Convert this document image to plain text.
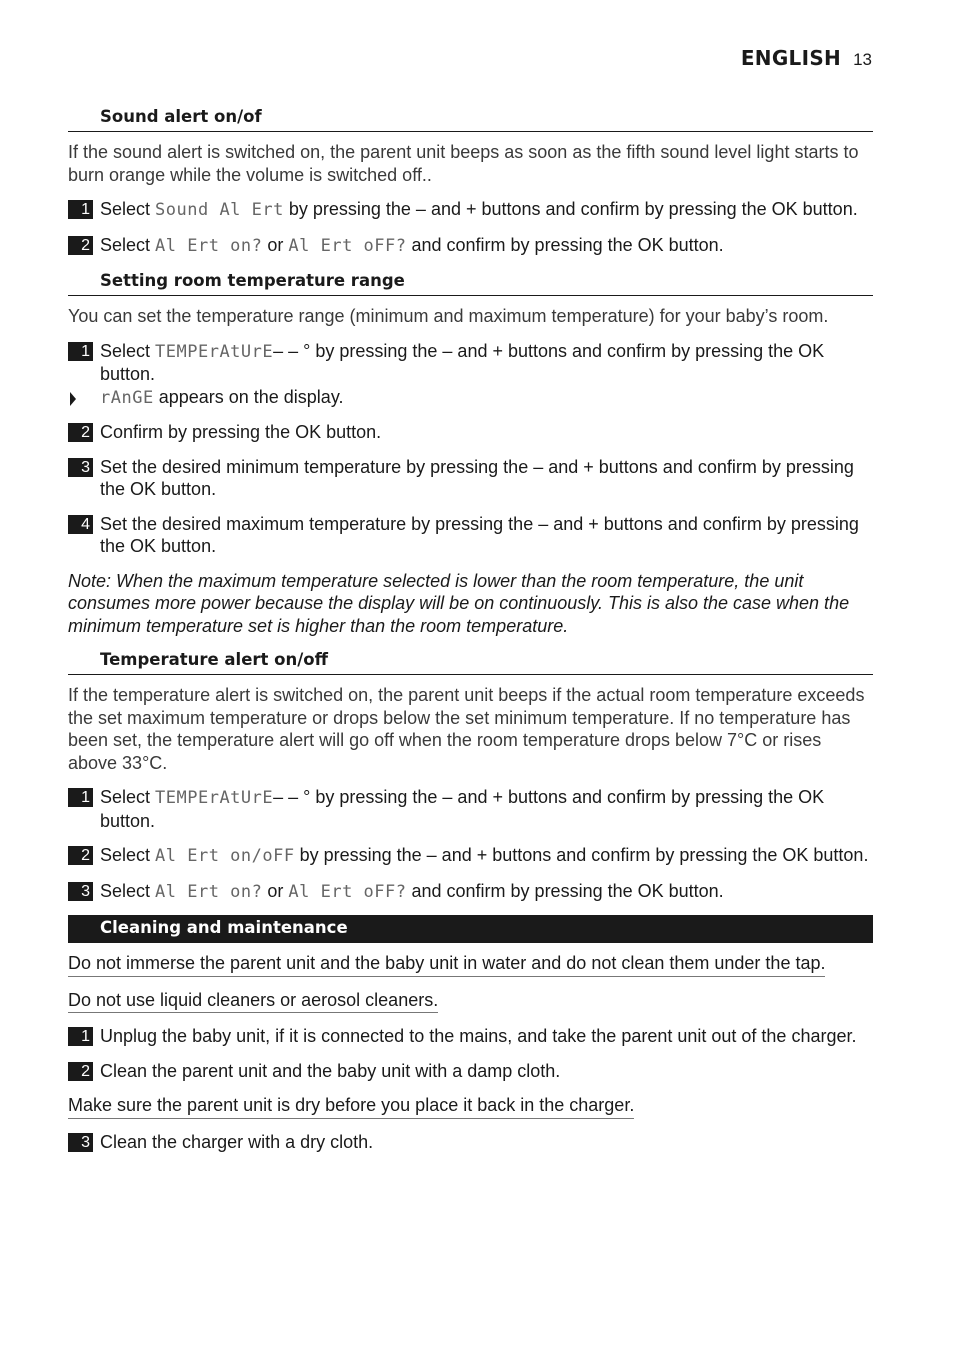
ENGLISH 13
Sound alert on/of

If the sound alert is switched on, the parent unit beeps as soon as the fifth sound level light starts to burn orange while the volume is switched off..

1 Select Sound Al Ert by pressing the – and + buttons and confirm by pressing the OK button.
2 Select Al Ert on? or Al Ert oFF? and confirm by pressing the OK button.
Setting room temperature range

You can set the temperature range (minimum and maximum temperature) for your baby’s room.

1 Select TEMPErAtUrE– – ° by pressing the – and + buttons and confirm by pressing the OK button.
rAnGE appears on the display.
2 Confirm by pressing the OK button.
3 Set the desired minimum temperature by pressing the – and + buttons and confirm by pressing the OK button.
4 Set the desired maximum temperature by pressing the – and + buttons and confirm by pressing the OK button.

Note: When the maximum temperature selected is lower than the room temperature, the unit consumes more power because the display will be on continuously. This is also the case when the minimum temperature set is higher than the room temperature.

Temperature alert on/off

If the temperature alert is switched on, the parent unit beeps if the actual room temperature exceeds the set maximum temperature or drops below the set minimum temperature. If no temperature has been set, the temperature alert will go off when the room temperature drops below 7°C or rises above 33°C.

1 Select TEMPErAtUrE– – ° by pressing the – and + buttons and confirm by pressing the OK button.
2 Select Al Ert on/oFF by pressing the – and + buttons and confirm by pressing the OK button.
3 Select Al Ert on? or Al Ert oFF? and confirm by pressing the OK button.
Cleaning and maintenance
Do not immerse the parent unit and the baby unit in water and do not clean them under the tap.
Do not use liquid cleaners or aerosol cleaners.
1 Unplug the baby unit, if it is connected to the mains, and take the parent unit out of the charger.
2 Clean the parent unit and the baby unit with a damp cloth.
Make sure the parent unit is dry before you place it back in the charger.
3 Clean the charger with a dry cloth.
